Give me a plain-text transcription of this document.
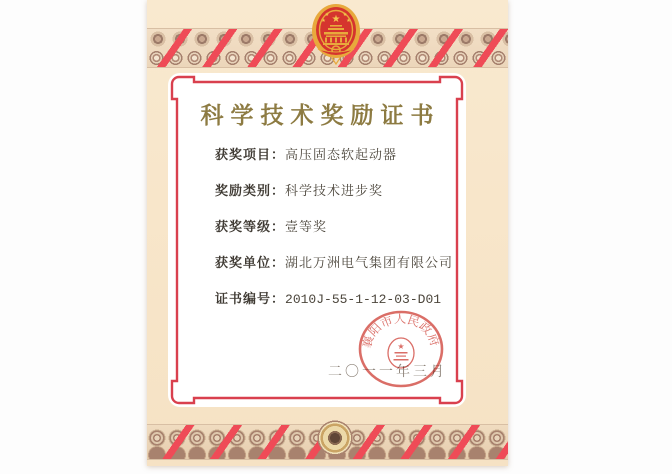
★
★	★
★	★
科学技术奖励证书
获奖项目：高压固态软起动器
奖励类别：科学技术进步奖
获奖等级：壹等奖
获奖单位：湖北万洲电气集团有限公司
证书编号：2010J-55-1-12-03-D01
二〇一一年三月
襄阳市人民政府
★
